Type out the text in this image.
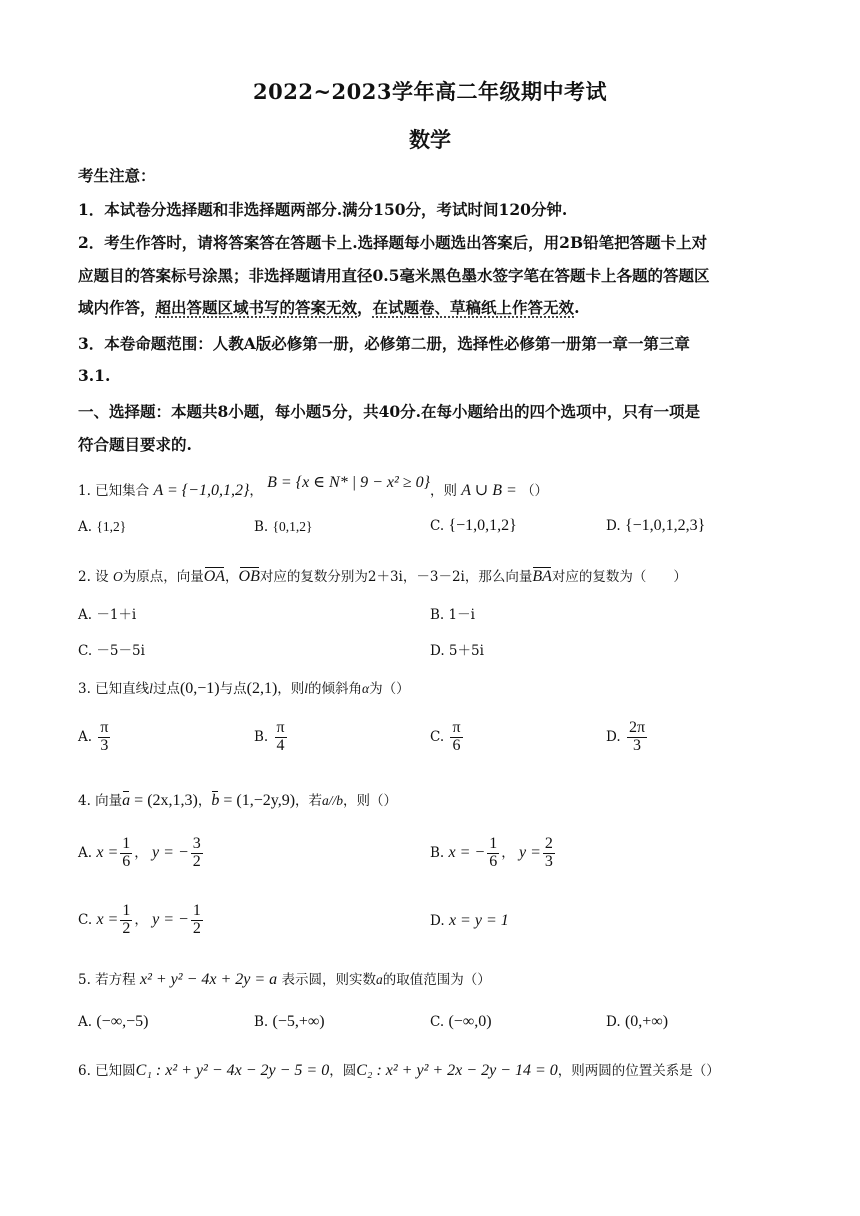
2022~2023学年高二年级期中考试
数学
考生注意：
1．本试卷分选择题和非选择题两部分.满分150分，考试时间120分钟.
2．考生作答时，请将答案答在答题卡上.选择题每小题选出答案后，用2B铅笔把答题卡上对
应题目的答案标号涂黑；非选择题请用直径0.5毫米黑色墨水签字笔在答题卡上各题的答题区
域内作答，超出答题区域书写的答案无效，在试题卷、草稿纸上作答无效.
3．本卷命题范围：人教A版必修第一册，必修第二册，选择性必修第一册第一章一第三章
3.1.
一、选择题：本题共8小题，每小题5分，共40分.在每小题给出的四个选项中，只有一项是
符合题目要求的.
1. 已知集合 A = {−1,0,1,2}， B = {x ∈ N* | 9 − x² ≥ 0}，则 A ∪ B = （）
A. {1,2}	B. {0,1,2}	C. {−1,0,1,2}	D. {−1,0,1,2,3}
2. 设 O为原点，向量OA，OB对应的复数分别为2＋3i，－3－2i，那么向量BA对应的复数为（　　）
A. －1＋i	B. 1－i
C. －5－5i	D. 5＋5i
3. 已知直线l过点(0,−1)与点(2,1)，则l的倾斜角α为（）
A. $\frac{\pi}{3}$	B. $\frac{\pi}{4}$	C. $\frac{\pi}{6}$	D. $\frac{2\pi}{3}$
4. 向量a = (2x,1,3)，b = (1,−2y,9)，若a//b，则（）
A. $x = \frac{1}{6}$ ， y = − $\frac{3}{2}$	B. x = − $\frac{1}{6}$ ， $y = \frac{2}{3}$
C. $x = \frac{1}{2}$ ， y = − $\frac{1}{2}$	D. x = y = 1
5. 若方程 x² + y² − 4x + 2y = a 表示圆，则实数a的取值范围为（）
A. (−∞,−5)	B. (−5,+∞)	C. (−∞,0)	D. (0,+∞)
6. 已知圆C₁ : x² + y² − 4x − 2y − 5 = 0，圆C₂ : x² + y² + 2x − 2y − 14 = 0，则两圆的位置关系是（）
